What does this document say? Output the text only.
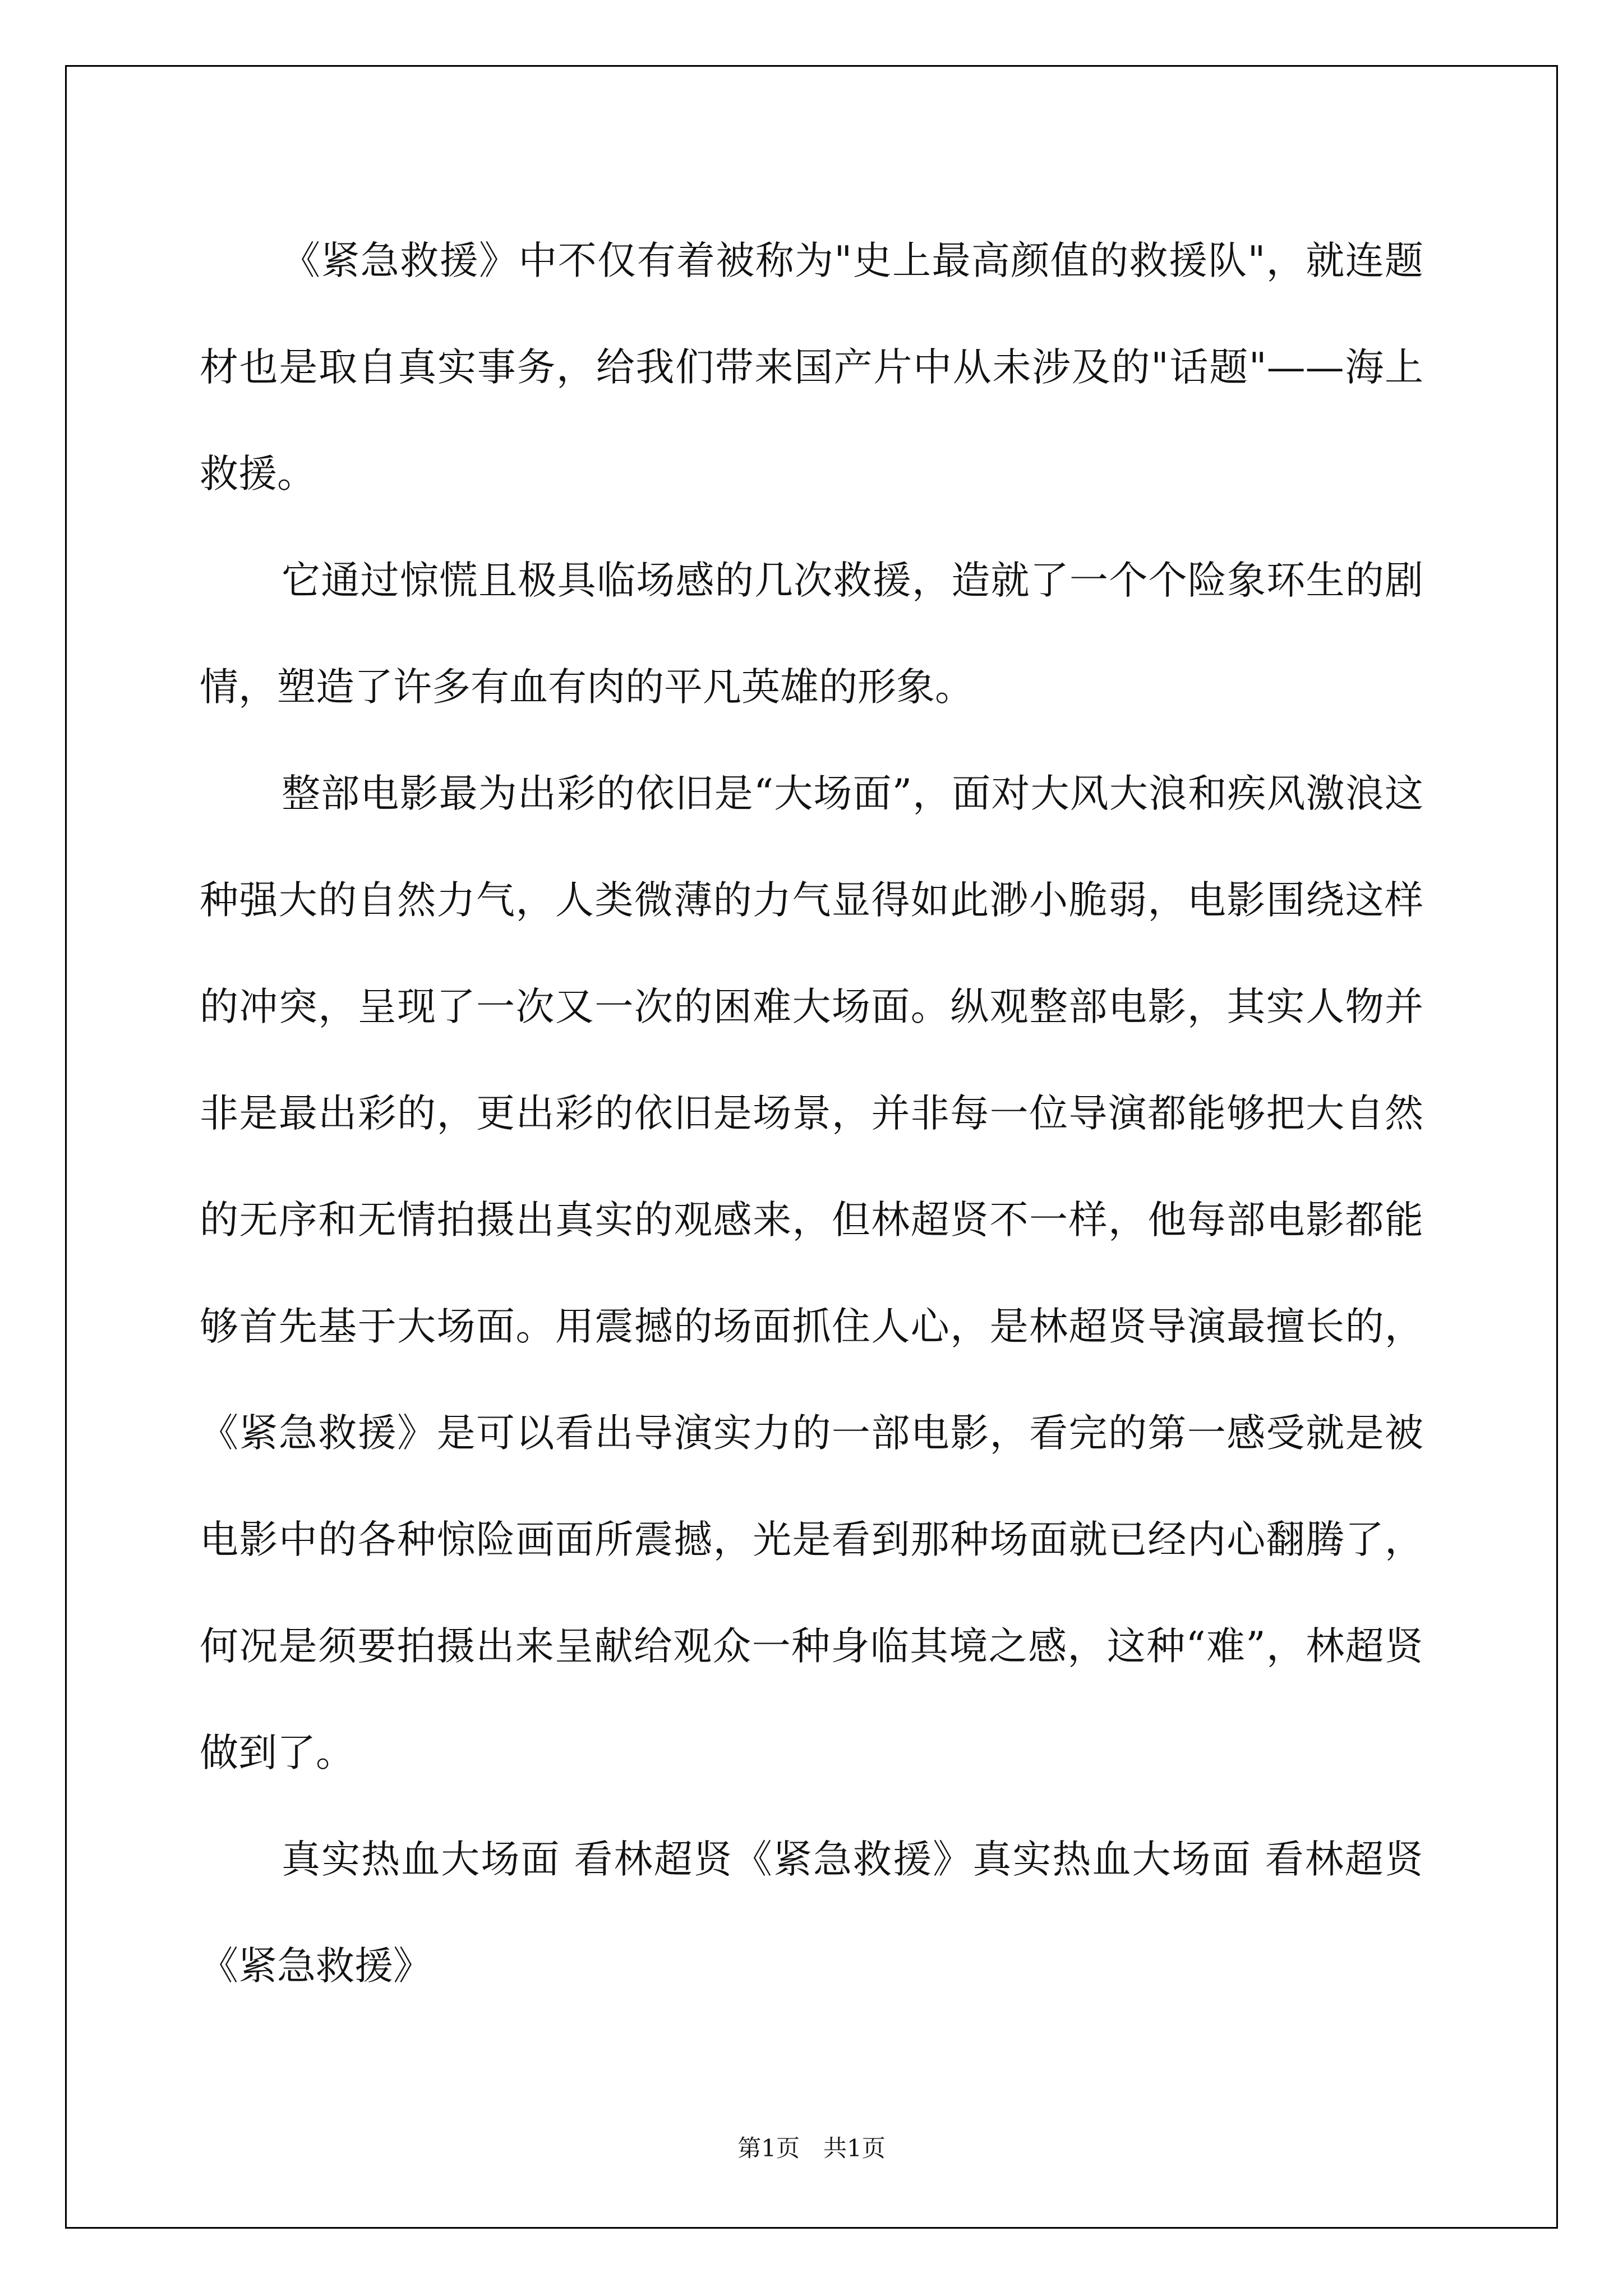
《紧急救援》中不仅有着被称为"史上最高颜值的救援队"，就连题材也是取自真实事务，给我们带来国产片中从未涉及的"话题"——海上救援。

它通过惊慌且极具临场感的几次救援，造就了一个个险象环生的剧情，塑造了许多有血有肉的平凡英雄的形象。

整部电影最为出彩的依旧是“大场面”，面对大风大浪和疾风激浪这种强大的自然力气，人类微薄的力气显得如此渺小脆弱，电影围绕这样的冲突，呈现了一次又一次的困难大场面。纵观整部电影，其实人物并非是最出彩的，更出彩的依旧是场景，并非每一位导演都能够把大自然的无序和无情拍摄出真实的观感来，但林超贤不一样，他每部电影都能够首先基于大场面。用震撼的场面抓住人心，是林超贤导演最擅长的，《紧急救援》是可以看出导演实力的一部电影，看完的第一感受就是被电影中的各种惊险画面所震撼，光是看到那种场面就已经内心翻腾了，何况是须要拍摄出来呈献给观众一种身临其境之感，这种“难”，林超贤做到了。

真实热血大场面 看林超贤《紧急救援》真实热血大场面 看林超贤《紧急救援》

第1页　共1页
